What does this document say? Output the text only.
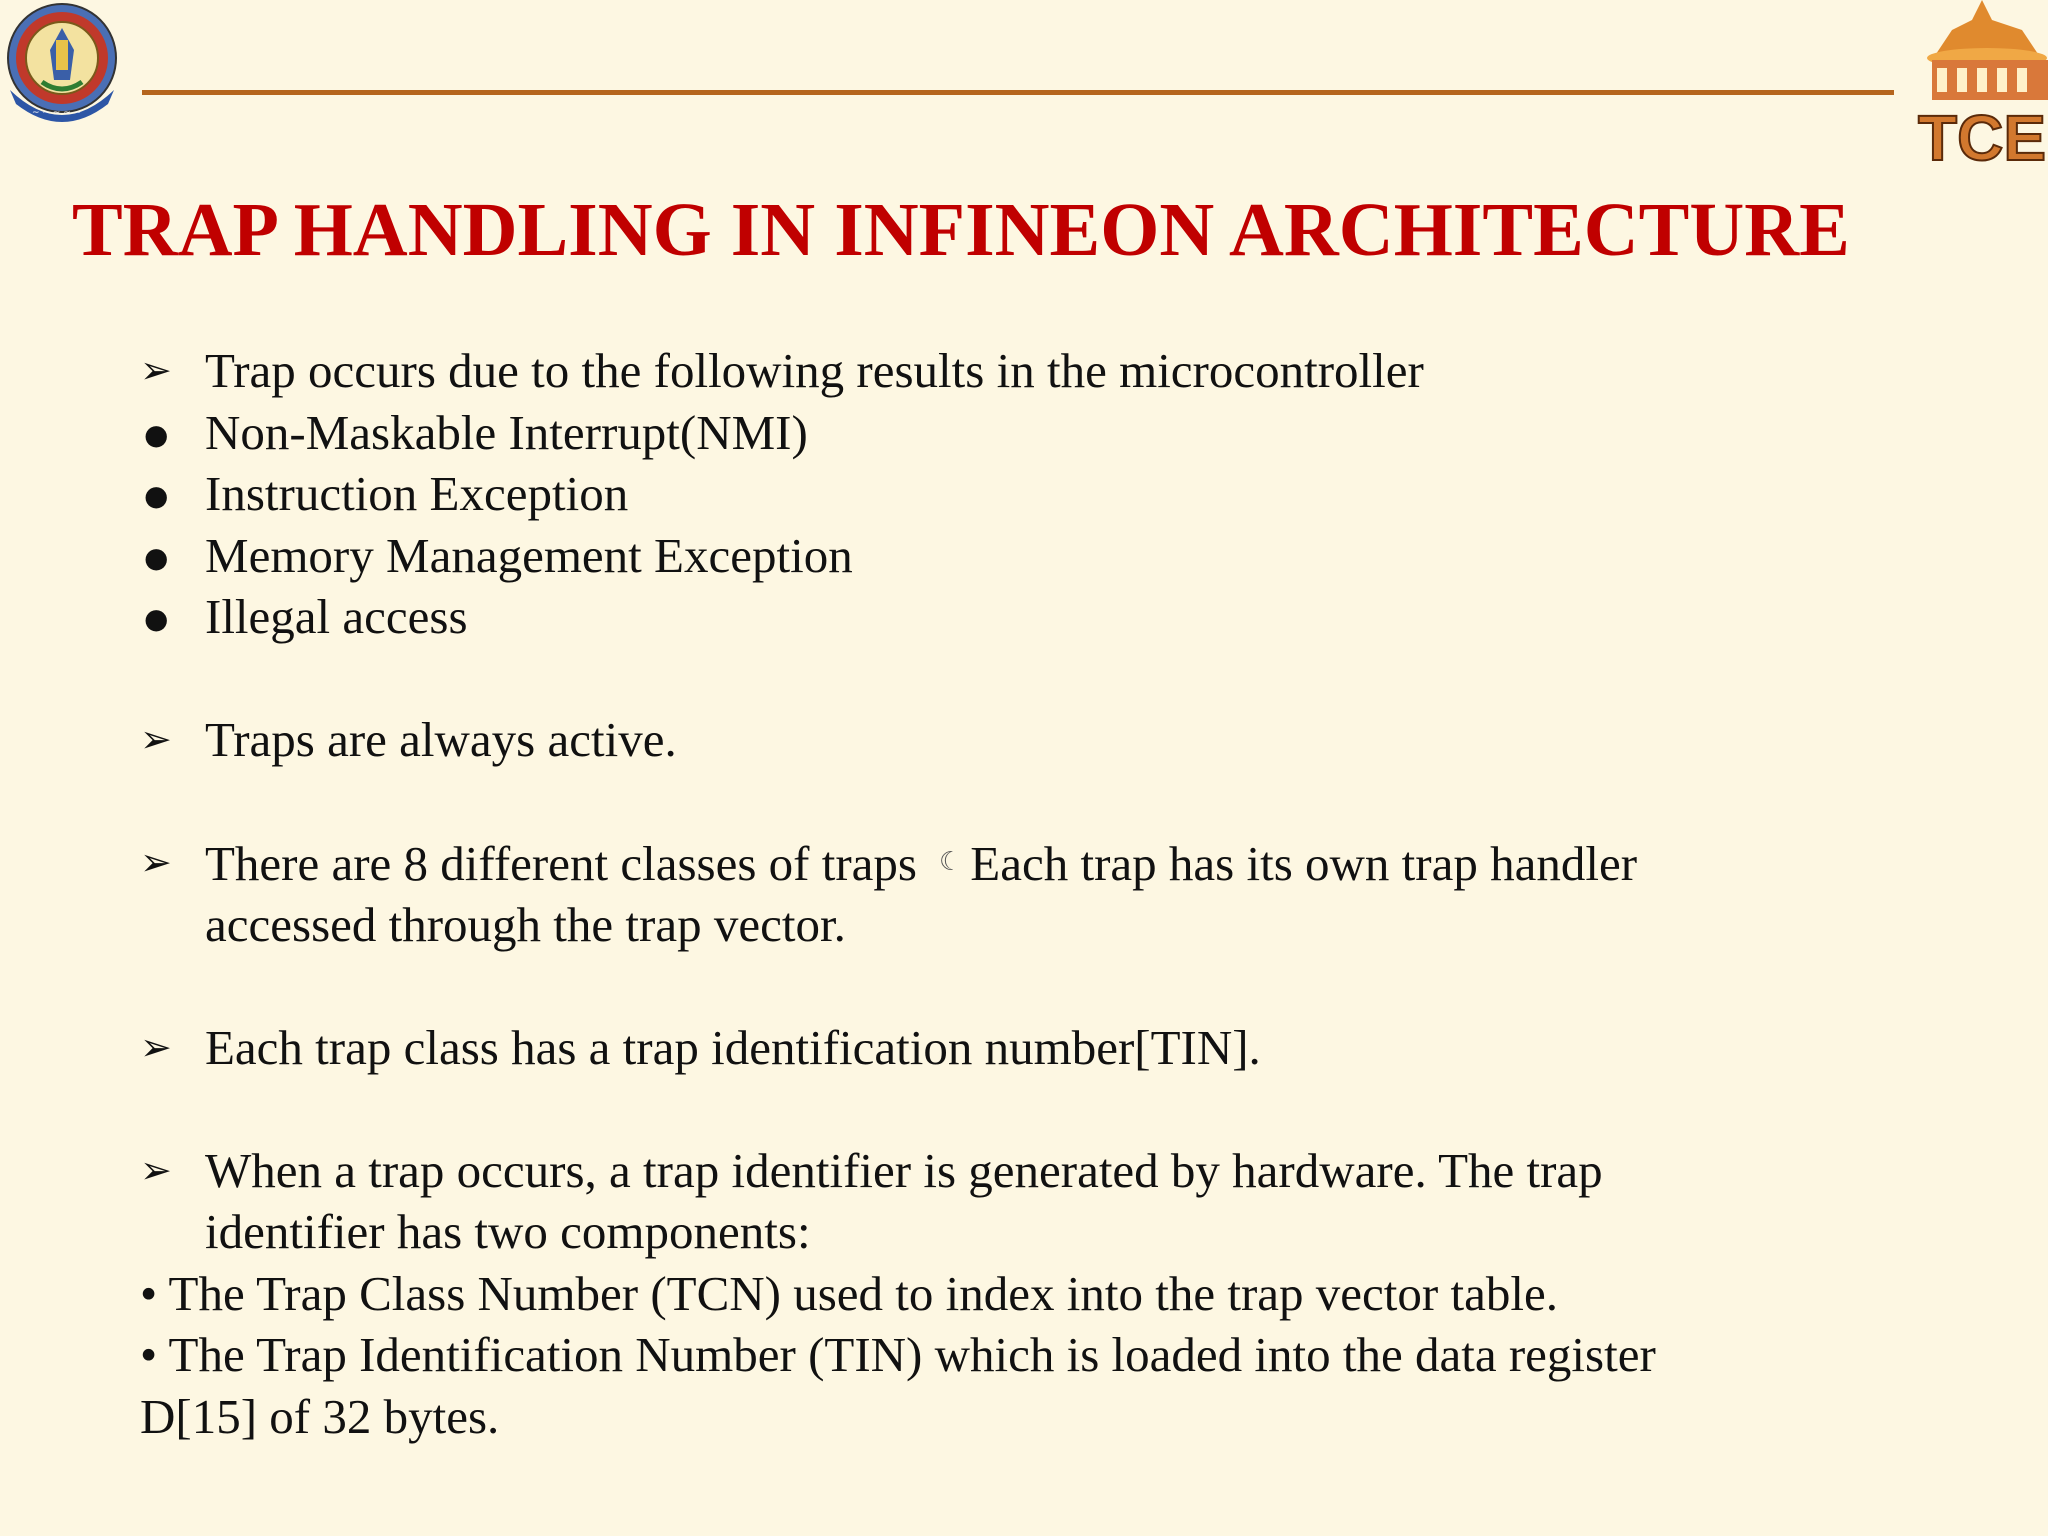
~ ~ ~ ~ ~	TCE
TRAP HANDLING IN INFINEON ARCHITECTURE
➢ Trap occurs due to the following results in the microcontroller
● Non-Maskable Interrupt(NMI)
● Instruction Exception
● Memory Management Exception
● Illegal access
➢ Traps are always active.
➢ There are 8 different classes of traps ☾ Each trap has its own trap handler
accessed through the trap vector.
➢ Each trap class has a trap identification number[TIN].
➢ When a trap occurs, a trap identifier is generated by hardware. The trap
identifier has two components:
• The Trap Class Number (TCN) used to index into the trap vector table.
• The Trap Identification Number (TIN) which is loaded into the data register
D[15] of 32 bytes.
